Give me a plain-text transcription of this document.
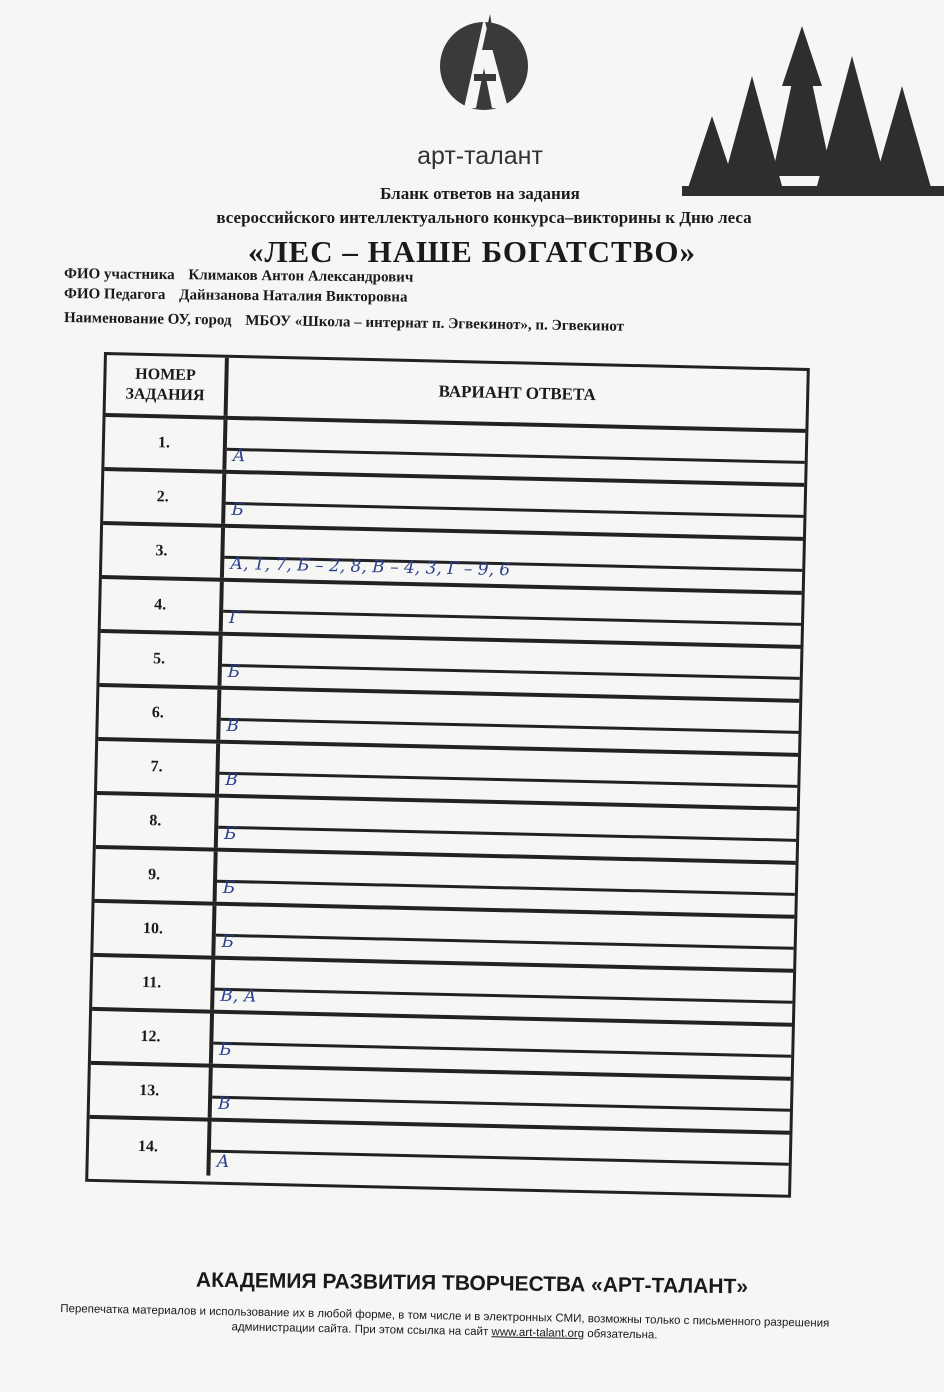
арт-талант
Бланк ответов на задания
всероссийского интеллектуального конкурса–викторины к Дню леса
«ЛЕС – НАШЕ БОГАТСТВО»
ФИО участника Климаков Антон Александрович
ФИО Педагога Дайнзанова Наталия Викторовна
Наименование ОУ, город МБОУ «Школа – интернат п. Эгвекинот», п. Эгвекинот
НОМЕР
ЗАДАНИЯ	ВАРИАНТ ОТВЕТА
1.
А
2.
Б
3.
А, 1, 7, Б – 2, 8, В – 4, 3, Г – 9, 6
4.
Г
5.
Б
6.
В
7.
В
8.
Б
9.
Б
10.
Б
11.
В, А
12.
Б
13.
В
14.
А
АКАДЕМИЯ РАЗВИТИЯ ТВОРЧЕСТВА «АРТ-ТАЛАНТ»
Перепечатка материалов и использование их в любой форме, в том числе и в электронных СМИ, возможны только с письменного разрешения администрации сайта. При этом ссылка на сайт www.art-talant.org обязательна.
